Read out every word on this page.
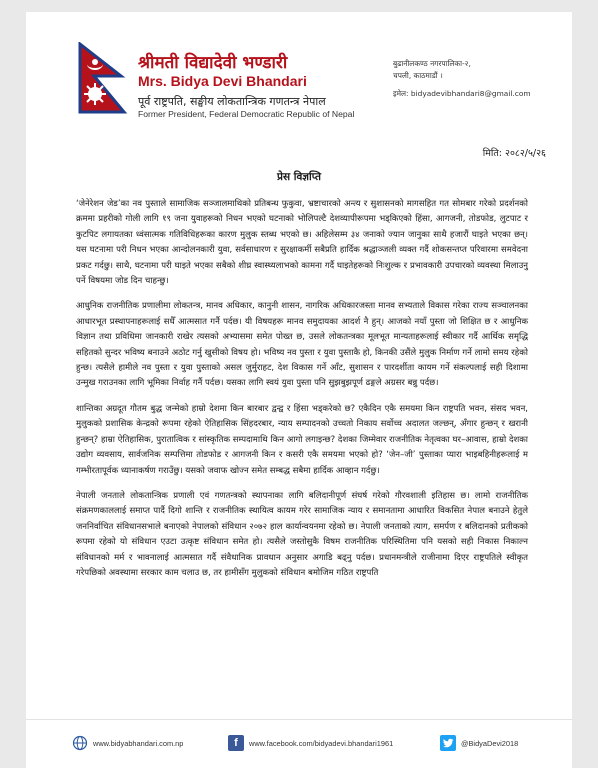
श्रीमती विद्यादेवी भण्डारी
Mrs. Bidya Devi Bhandari
पूर्व राष्ट्रपति, सङ्घीय लोकतान्त्रिक गणतन्त्र नेपाल
Former President, Federal Democratic Republic of Nepal
बुढानीलकण्ठ नगरपालिका-२,
चपली, काठमाडौं ।
इमेल: bidyadevibhandari8@gmail.com
मिति: २०८२/५/२६
प्रेस विज्ञप्ति

‘जेनेरेशन जेड’का नव पुस्ताले सामाजिक सञ्जालमाथिको प्रतिबन्ध फुकुवा, भ्रष्टाचारको अन्त्य र सुशासनको मागसहित गत सोमबार गरेको प्रदर्शनको क्रममा प्रहरीको गोली लागि १९ जना युवाहरूको निधन भएको घटनाको भोलिपल्टै देशव्यापीरूपमा भड्किएको हिंसा, आगजनी, तोडफोड, लुटपाट र कुटपिट लगायतका ध्वंसात्मक गतिविधिहरूका कारण मुलुक स्तब्ध भएको छ। अहिलेसम्म ३४ जनाको ज्यान जानुका साथै हजारौं घाइते भएका छन्। यस घटनामा परी निधन भएका आन्दोलनकारी युवा, सर्वसाधारण र सुरक्षाकर्मी सबैप्रति हार्दिक श्रद्धाञ्जली व्यक्त गर्दै शोकसन्तप्त परिवारमा समवेदना प्रकट गर्दछु। साथै, घटनामा परी घाइते भएका सबैको शीघ्र स्वास्थ्यलाभको कामना गर्दै घाइतेहरूको निःशुल्क र प्रभावकारी उपचारको व्यवस्था मिलाउनु पर्ने विषयमा जोड दिन चाहन्छु।

आधुनिक राजनीतिक प्रणालीमा लोकतन्त्र, मानव अधिकार, कानुनी शासन, नागरिक अधिकारजस्ता मानव सभ्यताले विकास गरेका राज्य सञ्चालनका आधारभूत प्रस्थापनाहरूलाई सधैँ आत्मसात गर्नै पर्दछ। यी विषयहरू मानव समुदायका आदर्श नै हुन्। आजको नयाँ पुस्ता जो शिक्षित छ र आधुनिक विज्ञान तथा प्रविधिमा जानकारी राखेर त्यसको अभ्यासमा समेत पोख्त छ, उसले लोकतन्त्रका मूलभूत मान्यताहरूलाई स्वीकार गर्दै आर्थिक समृद्धि सहितको सुन्दर भविष्य बनाउने अठोट गर्नु खुसीको विषय हो। भविष्य नव पुस्ता र युवा पुस्ताकै हो, किनकी उसैंले मुलुक निर्माण गर्ने लामो समय रहेको हुन्छ। त्यसैले हामीले नव पुस्ता र युवा पुस्ताको असल जुर्मुराहट, देश विकास गर्ने आँट, सुशासन र पारदर्शीता कायम गर्ने संकल्पलाई सही दिशामा उन्मुख गराउनका लागि भूमिका निर्वाह गर्नै पर्दछ। यसका लागि स्वयं युवा पुस्ता पनि सुझबुझपूर्ण ढङ्गले अग्रसर बन्नु पर्दछ।

शान्तिका अग्रदूत गौतम बुद्ध जन्मेको हाम्रो देशमा किन बारबार द्वन्द्व र हिंसा भड्करेको छ? एकैदिन एकै समयमा किन राष्ट्रपति भवन, संसद भवन, मुलुकको प्रशासिक केन्द्रको रूपमा रहेको ऐतिहासिक सिंहदरबार, न्याय सम्पादनको उच्चतो निकाय सर्वोच्च अदालत जल्छन्, अँगार हुन्छन् र खरानी हुन्छन्? हाम्रा ऐतिहासिक, पुरातात्विक र सांस्कृतिक सम्पदामाथि किन आगो लगाइन्छ? देशका जिम्मेवार राजनीतिक नेतृत्वका घर–आवास, हाम्रो देशका उद्योग व्यवसाय, सार्वजनिक सम्पत्तिमा तोडफोड र आगजनी किन र कसरी एकै समयमा भएको हो? ‘जेन–जी’ पुस्ताका प्यारा भाइबहिनीहरूलाई म गम्भीरतापूर्वक ध्यानाकर्षण गराउँछु। यसको जवाफ खोज्न समेत सम्बद्ध सबैमा हार्दिक आव्हान गर्दछु।

नेपाली जनताले लोकतान्त्रिक प्रणाली एवं गणतन्त्रको स्थापनाका लागि बलिदानीपूर्ण संघर्ष गरेको गौरवशाली इतिहास छ। लामो राजनीतिक संक्रमणकाललाई समाप्त पार्दै दिगो शान्ति र राजनीतिक स्थायित्व कायम गरेर सामाजिक न्याय र समानतामा आधारित विकसित नेपाल बनाउने हेतुले जननिर्वाचित संविधानसभाले बनाएको नेपालको संविधान २०७२ हाल कार्यान्वयनमा रहेको छ। नेपाली जनताको त्याग, समर्पण र बलिदानको प्रतीकको रूपमा रहेको यो संविधान एउटा उत्कृष्ट संविधान समेत हो। त्यसैले जस्तोसुकै विषम राजनीतिक परिस्थितिमा पनि यसको सही निकास निकाल्न संविधानको मर्म र भावनालाई आत्मसात गर्दै संवैधानिक प्रावधान अनुसार अगाडि बढ्नु पर्दछ। प्रधानमन्त्रीले राजीनामा दिएर राष्ट्रपतिले स्वीकृत गरेपछिको अवस्थामा सरकार काम चलाउ छ, तर हामीसँग मुलुकको संविधान बमोजिम गठित राष्ट्रपति

www.bidyabhandari.com.np	f	www.facebook.com/bidyadevi.bhandari1961	@BidyaDevi2018
